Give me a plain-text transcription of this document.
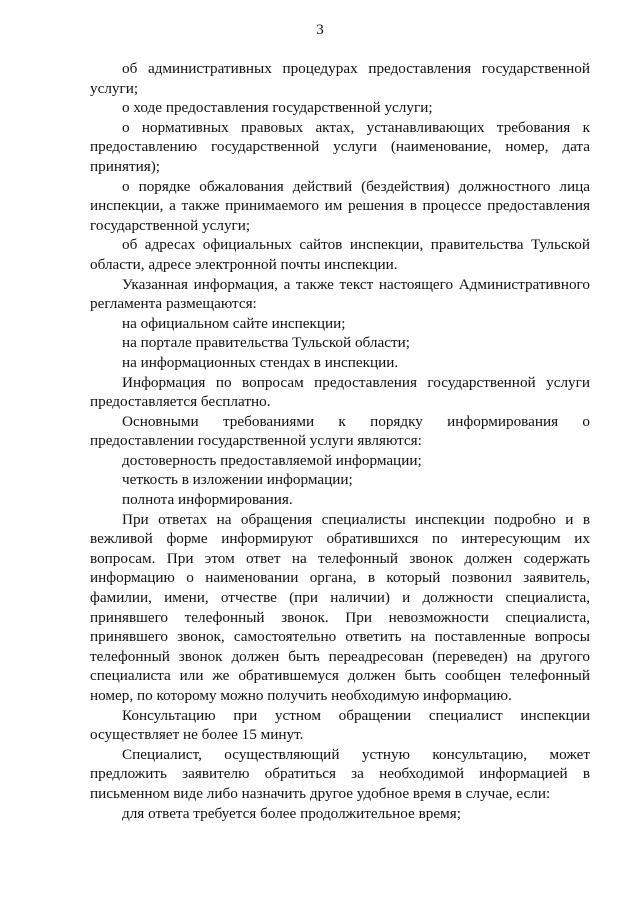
3

об административных процедурах предоставления государственной услуги;

о ходе предоставления государственной услуги;

о нормативных правовых актах, устанавливающих требования к предоставлению государственной услуги (наименование, номер, дата принятия);

о порядке обжалования действий (бездействия) должностного лица инспекции, а также принимаемого им решения в процессе предоставления государственной услуги;

об адресах официальных сайтов инспекции, правительства Тульской области, адресе электронной почты инспекции.

Указанная информация, а также текст настоящего Административного регламента размещаются:

на официальном сайте инспекции;

на портале правительства Тульской области;

на информационных стендах в инспекции.

Информация по вопросам предоставления государственной услуги предоставляется бесплатно.

Основными требованиями к порядку информирования о предоставлении государственной услуги являются:

достоверность предоставляемой информации;

четкость в изложении информации;

полнота информирования.

При ответах на обращения специалисты инспекции подробно и в вежливой форме информируют обратившихся по интересующим их вопросам. При этом ответ на телефонный звонок должен содержать информацию о наименовании органа, в который позвонил заявитель, фамилии, имени, отчестве (при наличии) и должности специалиста, принявшего телефонный звонок. При невозможности специалиста, принявшего звонок, самостоятельно ответить на поставленные вопросы телефонный звонок должен быть переадресован (переведен) на другого специалиста или же обратившемуся должен быть сообщен телефонный номер, по которому можно получить необходимую информацию.

Консультацию при устном обращении специалист инспекции осуществляет не более 15 минут.

Специалист, осуществляющий устную консультацию, может предложить заявителю обратиться за необходимой информацией в письменном виде либо назначить другое удобное время в случае, если:

для ответа требуется более продолжительное время;
